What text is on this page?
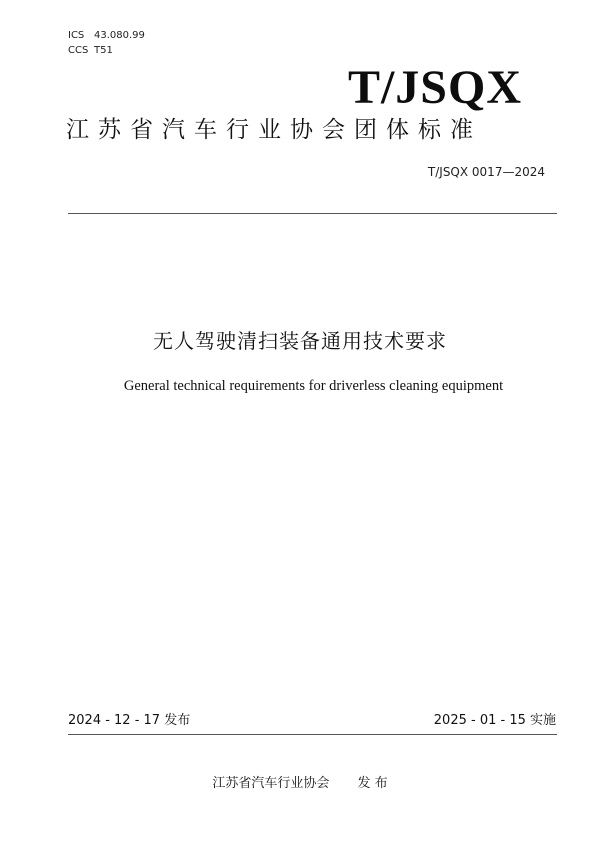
ICS 43.080.99
CCS T51
T/JSQX
江苏省汽车行业协会团体标准
T/JSQX 0017—2024
无人驾驶清扫装备通用技术要求
General technical requirements for driverless cleaning equipment
2024 - 12 - 17 发布	2025 - 01 - 15 实施
江苏省汽车行业协会 发 布
